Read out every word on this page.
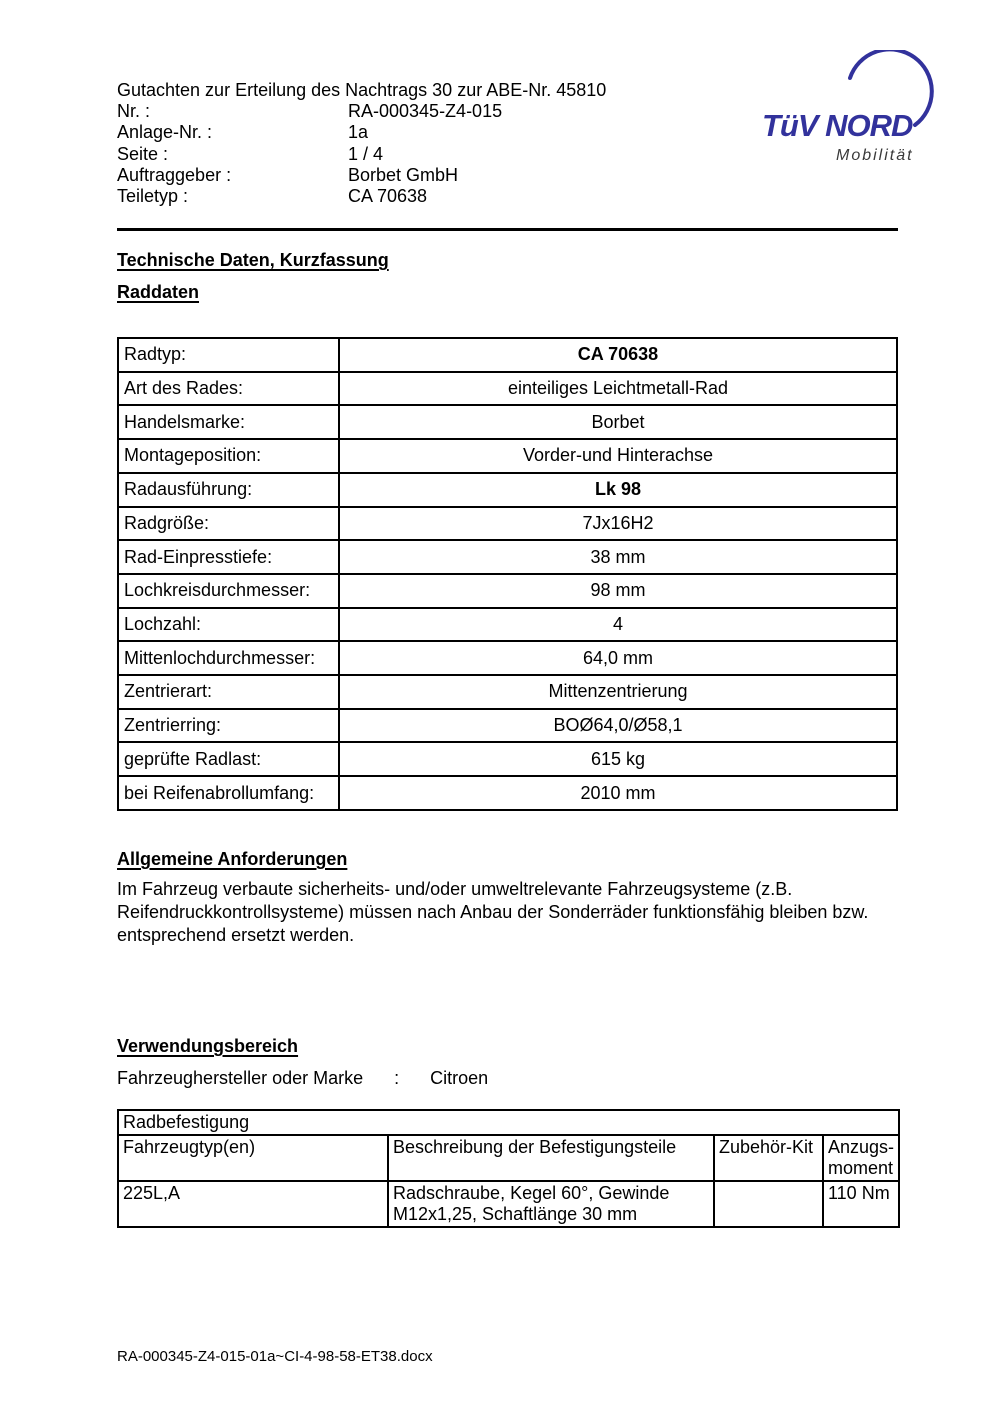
Gutachten zur Erteilung des Nachtrags 30 zur ABE-Nr. 45810
Nr. :	RA-000345-Z4-015
Anlage-Nr. :	1a
Seite :	1 / 4
Auftraggeber :	Borbet GmbH
Teiletyp :	CA 70638
TüV NORD
Mobilität
Technische Daten, Kurzfassung
Raddaten
Radtyp:	CA 70638
Art des Rades:	einteiliges Leichtmetall-Rad
Handelsmarke:	Borbet
Montageposition:	Vorder-und Hinterachse
Radausführung:	Lk 98
Radgröße:	7Jx16H2
Rad-Einpresstiefe:	38 mm
Lochkreisdurchmesser:	98 mm
Lochzahl:	4
Mittenlochdurchmesser:	64,0 mm
Zentrierart:	Mittenzentrierung
Zentrierring:	BOØ64,0/Ø58,1
geprüfte Radlast:	615 kg
bei Reifenabrollumfang:	2010 mm
Allgemeine Anforderungen
Im Fahrzeug verbaute sicherheits- und/oder umweltrelevante Fahrzeugsysteme (z.B. Reifendruckkontrollsysteme) müssen nach Anbau der Sonderräder funktionsfähig bleiben bzw. entsprechend ersetzt werden.
Verwendungsbereich
Fahrzeughersteller oder Marke : Citroen
Radbefestigung			
Fahrzeugtyp(en)	Beschreibung der Befestigungsteile	Zubehör-Kit	Anzugs-moment
225L,A	Radschraube, Kegel 60°, Gewinde M12x1,25, Schaftlänge 30 mm		110 Nm
RA-000345-Z4-015-01a~CI-4-98-58-ET38.docx
